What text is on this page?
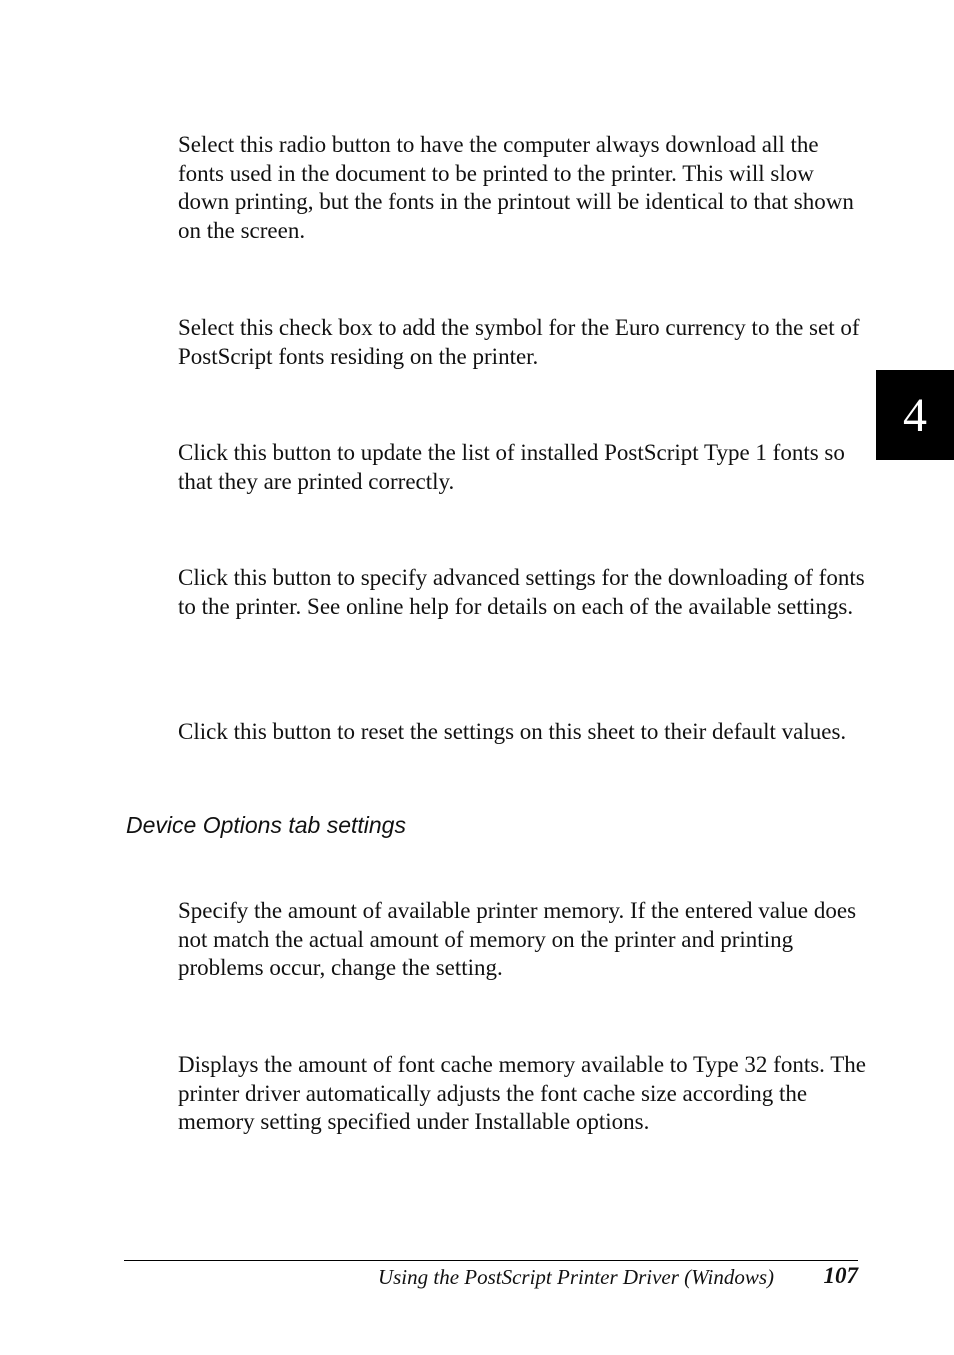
Select this radio button to have the computer always download all the fonts used in the document to be printed to the printer. This will slow down printing, but the fonts in the printout will be identical to that shown on the screen.

Select this check box to add the symbol for the Euro currency to the set of PostScript fonts residing on the printer.

Click this button to update the list of installed PostScript Type 1 fonts so that they are printed correctly.

Click this button to specify advanced settings for the downloading of fonts to the printer. See online help for details on each of the available settings.

Click this button to reset the settings on this sheet to their default values.

Device Options tab settings

Specify the amount of available printer memory. If the entered value does not match the actual amount of memory on the printer and printing problems occur, change the setting.

Displays the amount of font cache memory available to Type 32 fonts. The printer driver automatically adjusts the font cache size according the memory setting specified under Installable options.

4
Using the PostScript Printer Driver (Windows) 107
